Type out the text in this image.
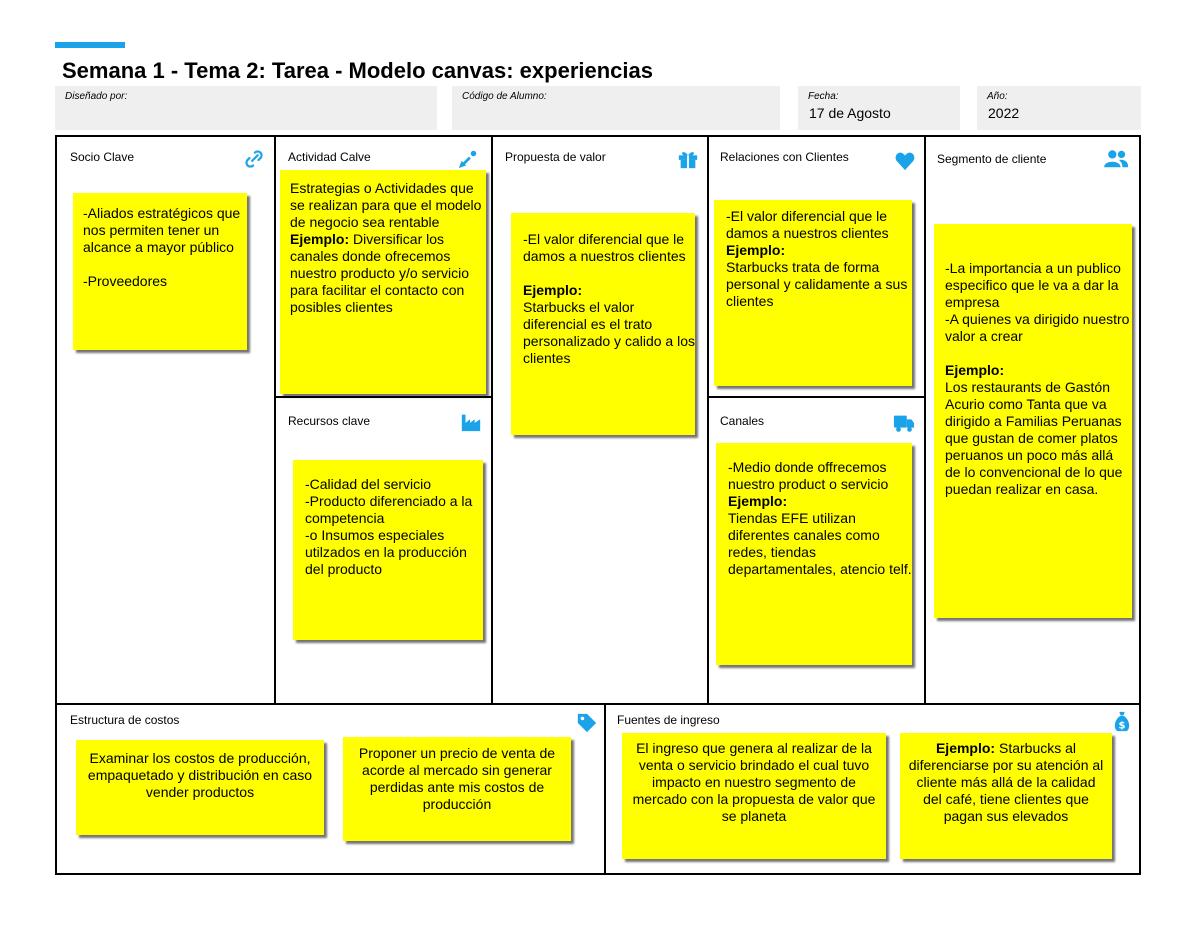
Semana 1 - Tema 2: Tarea - Modelo canvas: experiencias
Diseñado por:	Código de Alumno:	Fecha:
17 de Agosto
Año:
2022
Socio Clave
-Aliados estratégicos que nos permiten tener un alcance a mayor público
-Proveedores
Actividad Calve
Estrategias o Actividades que se realizan para que el modelo de negocio sea rentable
Ejemplo: Diversificar los canales donde ofrecemos nuestro producto y/o servicio para facilitar el contacto con posibles clientes
Recursos clave
-Calidad del servicio
-Producto diferenciado a la competencia
-o Insumos especiales utilzados en la producción del producto
Propuesta de valor
-El valor diferencial que le damos a nuestros clientes
Ejemplo:
Starbucks el valor diferencial es el trato personalizado y calido a los clientes
Relaciones con Clientes
-El valor diferencial que le damos a nuestros clientes
Ejemplo:
Starbucks trata de forma personal y calidamente a sus clientes
Canales
-Medio donde offrecemos nuestro product o servicio
Ejemplo:
Tiendas EFE utilizan diferentes canales como redes, tiendas departamentales, atencio telf.
Segmento de cliente
-La importancia a un publico especifico que le va a dar la empresa
-A quienes va dirigido nuestro valor a crear
Ejemplo:
Los restaurants de Gastón Acurio como Tanta que va dirigido a Familias Peruanas que gustan de comer platos peruanos un poco más allá de lo convencional de lo que puedan realizar en casa.
Estructura de costos
Examinar los costos de producción, empaquetado y distribución en caso vender productos
Proponer un precio de venta de acorde al mercado sin generar perdidas ante mis costos de producción
Fuentes de ingreso	$
El ingreso que genera al realizar de la venta o servicio brindado el cual tuvo impacto en nuestro segmento de mercado con la propuesta de valor que se planeta
Ejemplo: Starbucks al diferenciarse por su atención al cliente más allá de la calidad del café, tiene clientes que pagan sus elevados
